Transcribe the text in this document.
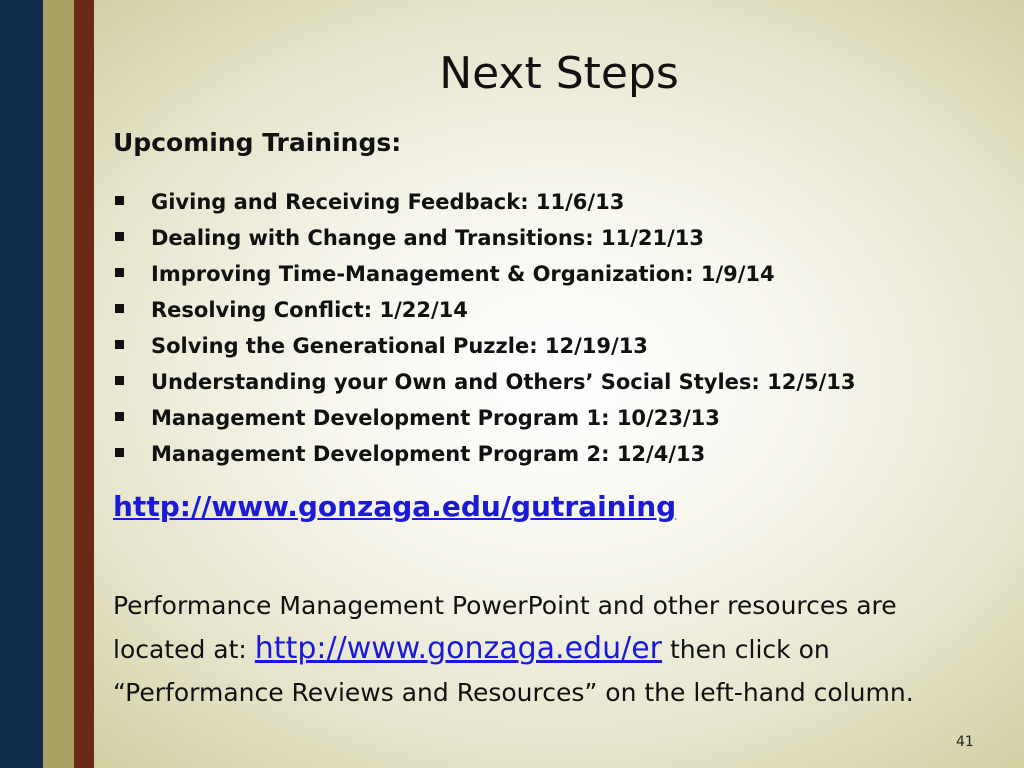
Next Steps
Upcoming Trainings:
Giving and Receiving Feedback: 11/6/13
Dealing with Change and Transitions: 11/21/13
Improving Time-Management & Organization: 1/9/14
Resolving Conflict: 1/22/14
Solving the Generational Puzzle: 12/19/13
Understanding your Own and Others’ Social Styles: 12/5/13
Management Development Program 1: 10/23/13
Management Development Program 2: 12/4/13
http://www.gonzaga.edu/gutraining

Performance Management PowerPoint and other resources are
located at: http://www.gonzaga.edu/er then click on
“Performance Reviews and Resources” on the left-hand column.

41
